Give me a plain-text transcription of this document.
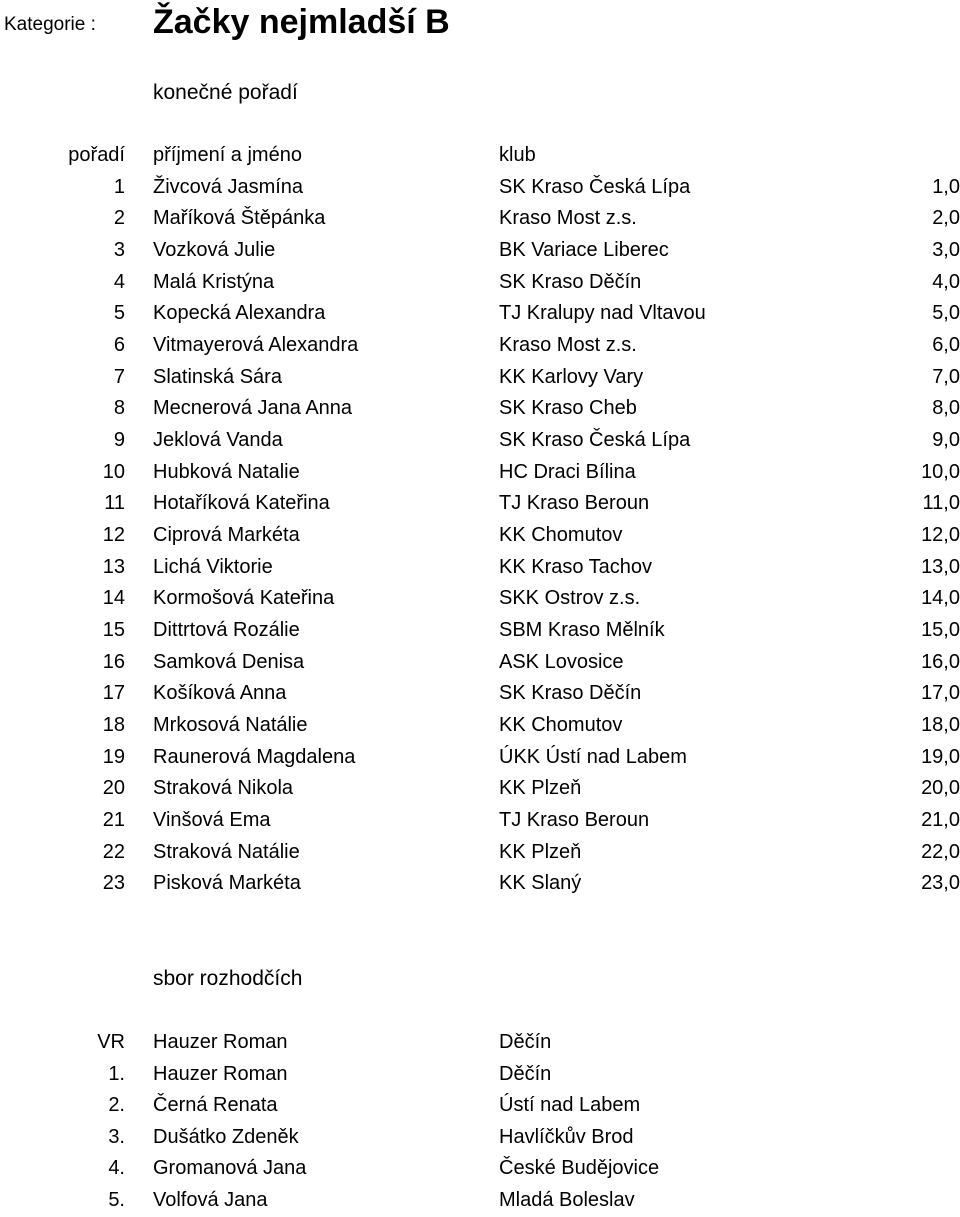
Kategorie : Žačky nejmladší B
konečné pořadí
pořadí příjmení a jméno	klub
1 Živcová Jasmína	SK Kraso Česká Lípa	1,0
2 Maříková Štěpánka	Kraso Most z.s.	2,0
3 Vozková Julie	BK Variace Liberec	3,0
4 Malá Kristýna	SK Kraso Děčín	4,0
5 Kopecká Alexandra	TJ Kralupy nad Vltavou	5,0
6 Vitmayerová Alexandra	Kraso Most z.s.	6,0
7 Slatinská Sára	KK Karlovy Vary	7,0
8 Mecnerová Jana Anna	SK Kraso Cheb	8,0
9 Jeklová Vanda	SK Kraso Česká Lípa	9,0
10 Hubková Natalie	HC Draci Bílina	10,0
11 Hotaříková Kateřina	TJ Kraso Beroun	11,0
12 Ciprová Markéta	KK Chomutov	12,0
13 Lichá Viktorie	KK Kraso Tachov	13,0
14 Kormošová Kateřina	SKK Ostrov z.s.	14,0
15 Dittrtová Rozálie	SBM Kraso Mělník	15,0
16 Samková Denisa	ASK Lovosice	16,0
17 Košíková Anna	SK Kraso Děčín	17,0
18 Mrkosová Natálie	KK Chomutov	18,0
19 Raunerová Magdalena	ÚKK Ústí nad Labem	19,0
20 Straková Nikola	KK Plzeň	20,0
21 Vinšová Ema	TJ Kraso Beroun	21,0
22 Straková Natálie	KK Plzeň	22,0
23 Pisková Markéta	KK Slaný	23,0
sbor rozhodčích
VR Hauzer Roman	Děčín
1. Hauzer Roman	Děčín
2. Černá Renata	Ústí nad Labem
3. Dušátko Zdeněk	Havlíčkův Brod
4. Gromanová Jana	České Budějovice
5. Volfová Jana	Mladá Boleslav
